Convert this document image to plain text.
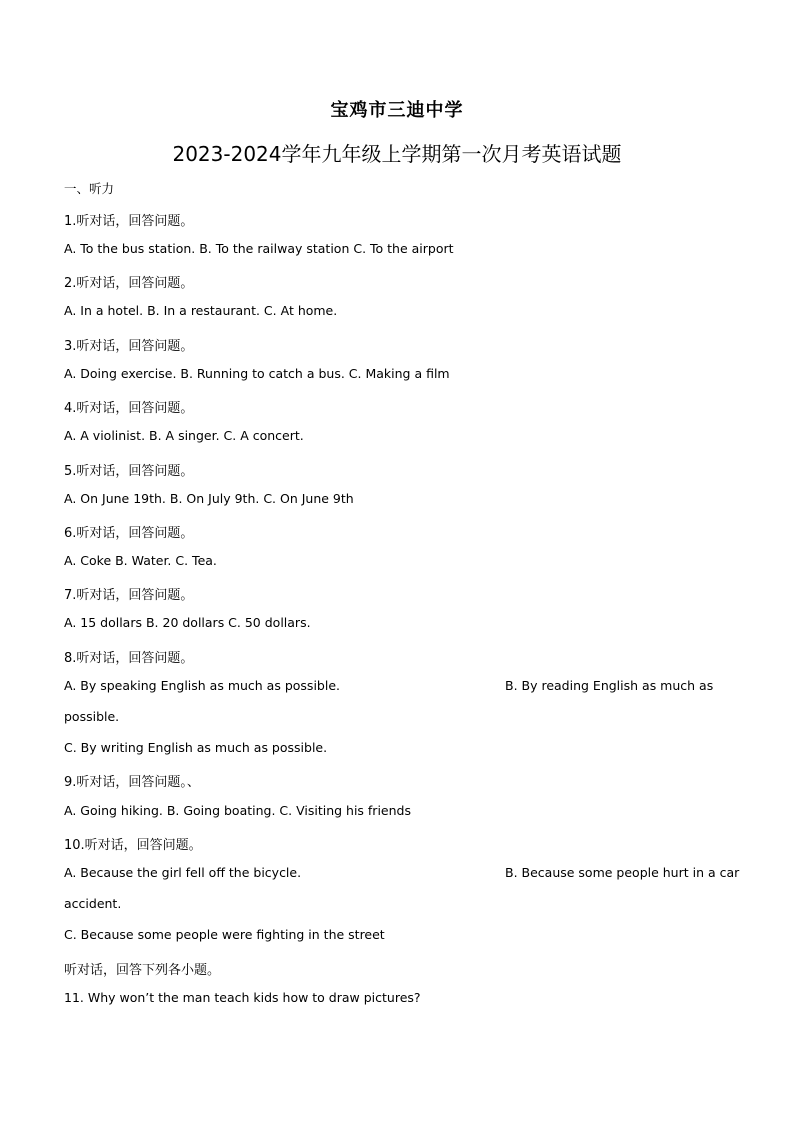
宝鸡市三迪中学
2023-2024学年九年级上学期第一次月考英语试题
一、听力
1.听对话，回答问题。
A. To the bus station. B. To the railway station C. To the airport
2.听对话，回答问题。
A. In a hotel. B. In a restaurant. C. At home.
3.听对话，回答问题。
A. Doing exercise. B. Running to catch a bus. C. Making a film
4.听对话，回答问题。
A. A violinist. B. A singer. C. A concert.
5.听对话，回答问题。
A. On June 19th. B. On July 9th. C. On June 9th
6.听对话，回答问题。
A. Coke B. Water. C. Tea.
7.听对话，回答问题。
A. 15 dollars B. 20 dollars C. 50 dollars.
8.听对话，回答问题。
A. By speaking English as much as possible.	B. By reading English as much as
possible.
C. By writing English as much as possible.
9.听对话，回答问题。、
A. Going hiking. B. Going boating. C. Visiting his friends
10.听对话，回答问题。
A. Because the girl fell off the bicycle.	B. Because some people hurt in a car
accident.
C. Because some people were fighting in the street
听对话，回答下列各小题。
11. Why won’t the man teach kids how to draw pictures?
